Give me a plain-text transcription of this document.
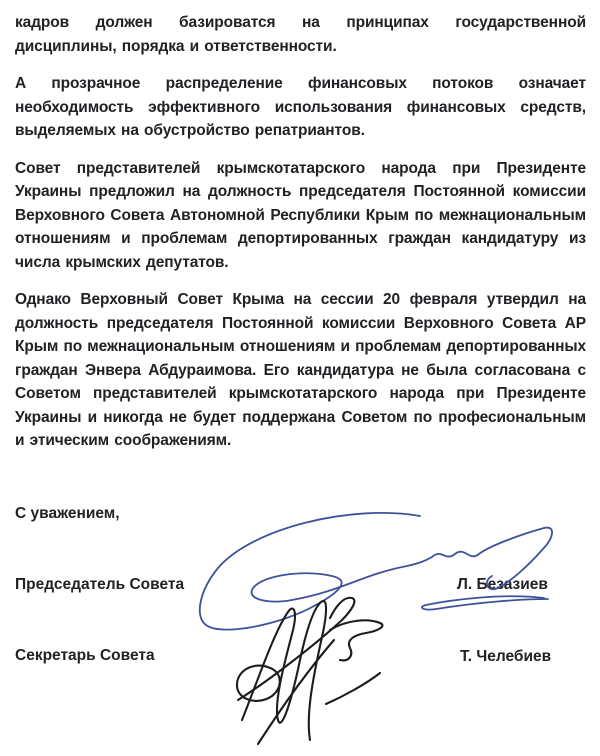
кадров должен базироватся на принципах государственной дисциплины, порядка и ответственности.

А прозрачное распределение финансовых потоков означает необходимость эффективного использования финансовых средств, выделяемых на обустройство репатриантов.

Совет представителей крымскотатарского народа при Президенте Украины предложил на должность председателя Постоянной комиссии Верховного Совета Автономной Республики Крым по межнациональным отношениям и проблемам депортированных граждан кандидатуру из числа крымских депутатов.

Однако Верховный Совет Крыма на сессии 20 февраля утвердил на должность председателя Постоянной комиссии Верховного Совета АР Крым по межнациональным отношениям и проблемам депортированных граждан Энвера Абдураимова. Его кандидатура не была согласована с Советом представителей крымскотатарского народа при Президенте Украины и никогда не будет поддержана Советом по професиональным и этическим соображениям.

С уважением,
Председатель Совета	Л. Безазиев
Секретарь Совета	Т. Челебиев
